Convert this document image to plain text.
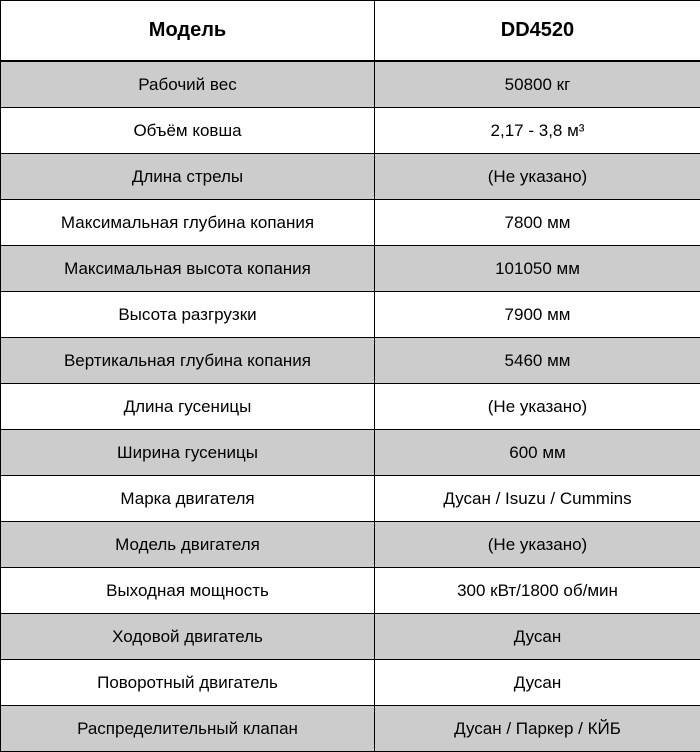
Модель	DD4520
Рабочий вес	50800 кг
Объём ковша	2,17 - 3,8 м³
Длина стрелы	(Не указано)
Максимальная глубина копания	7800 мм
Максимальная высота копания	101050 мм
Высота разгрузки	7900 мм
Вертикальная глубина копания	5460 мм
Длина гусеницы	(Не указано)
Ширина гусеницы	600 мм
Марка двигателя	Дусан / Isuzu / Cummins
Модель двигателя	(Не указано)
Выходная мощность	300 кВт/1800 об/мин
Ходовой двигатель	Дусан
Поворотный двигатель	Дусан
Распределительный клапан	Дусан / Паркер / КЙБ
